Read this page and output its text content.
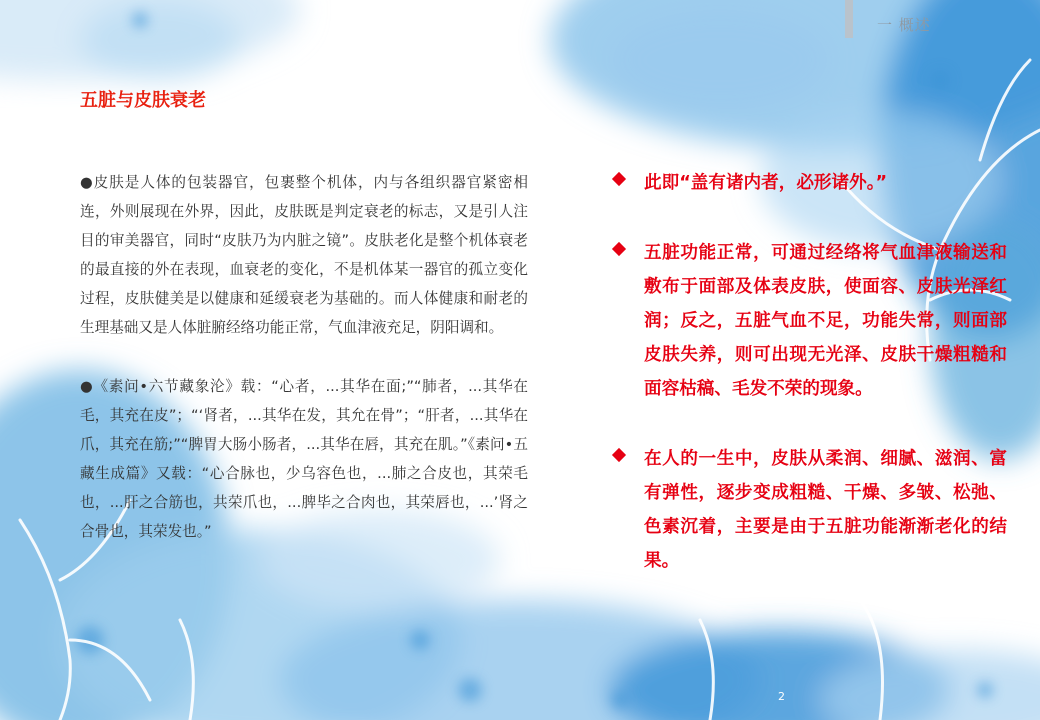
一 概述
五脏与皮肤衰老

●皮肤是人体的包装器官，包裹整个机体，内与各组织器官紧密相连，外则展现在外界，因此，皮肤既是判定衰老的标志，又是引人注目的审美器官，同时“皮肤乃为内脏之镜”。皮肤老化是整个机体衰老的最直接的外在表现，血衰老的变化，不是机体某一器官的孤立变化过程，皮肤健美是以健康和延缓衰老为基础的。而人体健康和耐老的生理基础又是人体脏腑经络功能正常，气血津液充足，阴阳调和。

●《素问•六节藏象沦》载：“心者，...其华在面;”“肺者，...其华在毛，其充在皮”；“‘肾者，...其华在发，其允在骨”；“肝者，...其华在爪，其充在筋;”“脾胃大肠小肠者，...其华在唇，其充在肌。”《素问•五藏生成篇》又载：“心合脉也，少乌容色也，...肺之合皮也，其荣毛也，...肝之合筋也，共荣爪也，...脾毕之合肉也，其荣唇也，...’肾之合骨也，其荣发也。”

此即“盖有诸内者，必形诸外。”
五脏功能正常，可通过经络将气血津液输送和敷布于面部及体表皮肤，使面容、皮肤光泽红润；反之，五脏气血不足，功能失常，则面部皮肤失养，则可出现无光泽、皮肤干燥粗糙和面容枯稿、毛发不荣的现象。
在人的一生中，皮肤从柔润、细腻、滋润、富有弹性，逐步变成粗糙、干燥、多皱、松弛、色素沉着，主要是由于五脏功能渐渐老化的结果。
2
